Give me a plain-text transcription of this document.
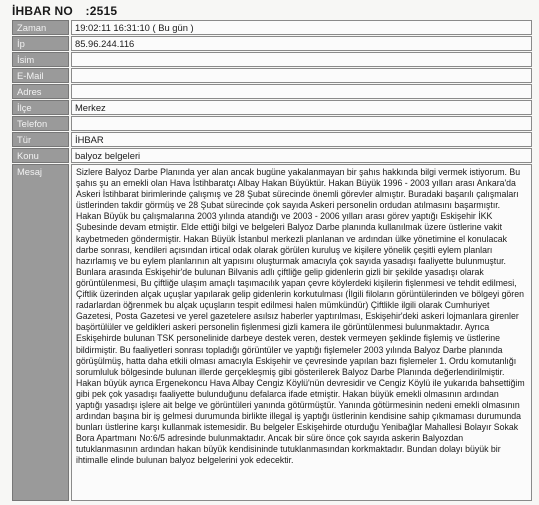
İHBAR NO :2515
Zaman	19:02:11 16:31:10 ( Bu gün )
İp	85.96.244.116
İsim
E-Mail
Adres
İlçe	Merkez
Telefon
Tür	İHBAR
Konu	balyoz belgeleri
Mesaj	Sizlere Balyoz Darbe Planında yer alan ancak bugüne yakalanmayan bir şahıs hakkında bilgi vermek istiyorum. Bu şahıs şu an emekli olan Hava İstihbaratçı Albay Hakan Büyüktür. Hakan Büyük 1996 - 2003 yılları arası Ankara'da Askeri İstihbarat birimlerinde çalışmış ve 28 Şubat sürecinde önemli görevler almıştır. Buradaki başarılı çalışmaları üstlerinden takdir görmüş ve 28 Şubat sürecinde çok sayıda Askeri personelin ordudan atılmasını başarmıştır. Hakan Büyük bu çalışmalarına 2003 yılında atandığı ve 2003 - 2006 yılları arası görev yaptığı Eskişehir İKK Şubesinde devam etmiştir. Elde ettiği bilgi ve belgeleri Balyoz Darbe planında kullanılmak üzere üstlerine vakit kaybetmeden göndermiştir. Hakan Büyük İstanbul merkezli planlanan ve ardından ülke yönetimine el konulacak darbe sonrası, kendileri açısından irtical odak olarak görülen kuruluş ve kişilere yönelik çeşitli eylem planları hazırlamış ve bu eylem planlarının alt yapısını oluşturmak amacıyla çok sayıda yasadışı faaliyette bulunmuştur. Bunlara arasında Eskişehir'de bulunan Bilvanis adlı çiftliğe gelip gidenlerin gizli bir şekilde yasadışı olarak görüntülenmesi, Bu çiftliğe ulaşım amaçlı taşımacılık yapan çevre köylerdeki kişilerin fişlenmesi ve tehdit edilmesi, Çiftlik üzerinden alçak uçuşlar yapılarak gelip gidenlerin korkutulması (İlgili filoların görüntülerinden ve bölgeyi gören radarlardan öğrenmek bu alçak uçuşların tespit edilmesi halen mümkündür) Çiftlikle ilgili olarak Cumhuriyet Gazetesi, Posta Gazetesi ve yerel gazetelere asılsız haberler yaptırılması, Eskişehir'deki askeri lojmanlara girenler başörtülüler ve geldikleri askeri personelin fişlenmesi gizli kamera ile görüntülenmesi bulunmaktadır. Ayrıca Eskişehirde bulunan TSK personelinide darbeye destek veren, destek vermeyen şeklinde fişlemiş ve üstlerine bildirmiştir. Bu faaliyetleri sonrası topladığı görüntüler ve yaptığı fişlemeler 2003 yılında Balyoz Darbe planında görüşülmüş, hatta daha etkili olması amacıyla Eskişehir ve çevresinde yapılan bazı fişlemeler 1. Ordu komutanlığı sorumluluk bölgesinde bulunan illerde gerçekleşmiş gibi gösterilerek Balyoz Darbe Planında değerlendirilmiştir. Hakan büyük ayrıca Ergenekoncu Hava Albay Cengiz Köylü'nün devresidir ve Cengiz Köylü ile yukarıda bahsettiğim gibi pek çok yasadışı faaliyette bulunduğunu defalarca ifade etmiştir. Hakan büyük emekli olmasının ardından yaptığı yasadışı işlere ait belge ve görüntüleri yanında götürmüştür. Yanında götürmesinin nedeni emekli olmasının ardından başına bir iş gelmesi durumunda birlikte illegal iş yaptığı üstlerinin kendisine sahip çıkmaması durumunda bunları üstlerine karşı kullanmak istemesidir. Bu belgeler Eskişehirde oturduğu Yenibağlar Mahallesi Bolayır Sokak Bora Apartmanı No:6/5 adresinde bulunmaktadır. Ancak bir süre önce çok sayıda askerin Balyozdan tutuklanmasının ardından hakan büyük kendisininde tutuklanmasından korkmaktadır. Bundan dolayı büyük bir ihtimalle elinde bulunan balyoz belgelerini yok edecektir.
